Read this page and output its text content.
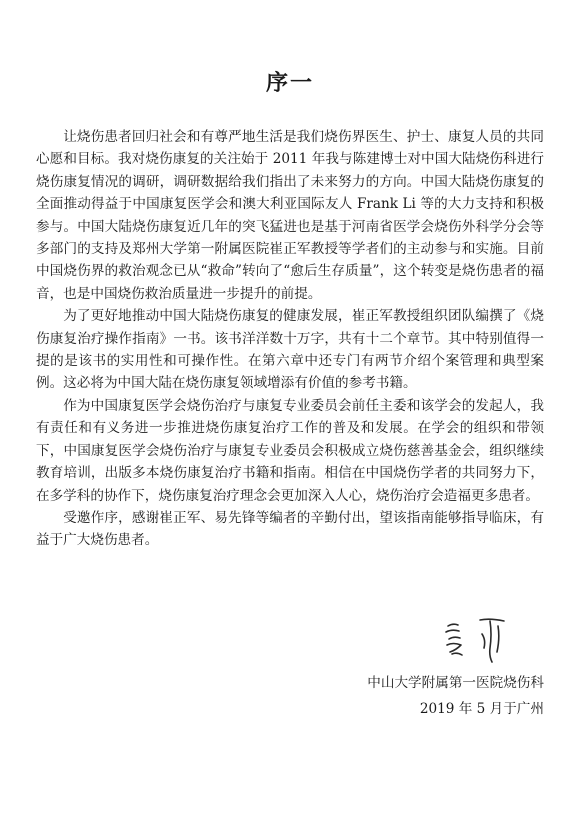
序一

让烧伤患者回归社会和有尊严地生活是我们烧伤界医生、护士、康复人员的共同心愿和目标。我对烧伤康复的关注始于 2011 年我与陈建博士对中国大陆烧伤科进行烧伤康复情况的调研，调研数据给我们指出了未来努力的方向。中国大陆烧伤康复的全面推动得益于中国康复医学会和澳大利亚国际友人 Frank Li 等的大力支持和积极参与。中国大陆烧伤康复近几年的突飞猛进也是基于河南省医学会烧伤外科学分会等多部门的支持及郑州大学第一附属医院崔正军教授等学者们的主动参与和实施。目前中国烧伤界的救治观念已从“救命”转向了“愈后生存质量”，这个转变是烧伤患者的福音，也是中国烧伤救治质量进一步提升的前提。

为了更好地推动中国大陆烧伤康复的健康发展，崔正军教授组织团队编撰了《烧伤康复治疗操作指南》一书。该书洋洋数十万字，共有十二个章节。其中特别值得一提的是该书的实用性和可操作性。在第六章中还专门有两节介绍个案管理和典型案例。这必将为中国大陆在烧伤康复领域增添有价值的参考书籍。

作为中国康复医学会烧伤治疗与康复专业委员会前任主委和该学会的发起人，我有责任和有义务进一步推进烧伤康复治疗工作的普及和发展。在学会的组织和带领下，中国康复医学会烧伤治疗与康复专业委员会积极成立烧伤慈善基金会，组织继续教育培训，出版多本烧伤康复治疗书籍和指南。相信在中国烧伤学者的共同努力下，在多学科的协作下，烧伤康复治疗理念会更加深入人心，烧伤治疗会造福更多患者。

受邀作序，感谢崔正军、易先锋等编者的辛勤付出，望该指南能够指导临床，有益于广大烧伤患者。

中山大学附属第一医院烧伤科
2019 年 5 月于广州
